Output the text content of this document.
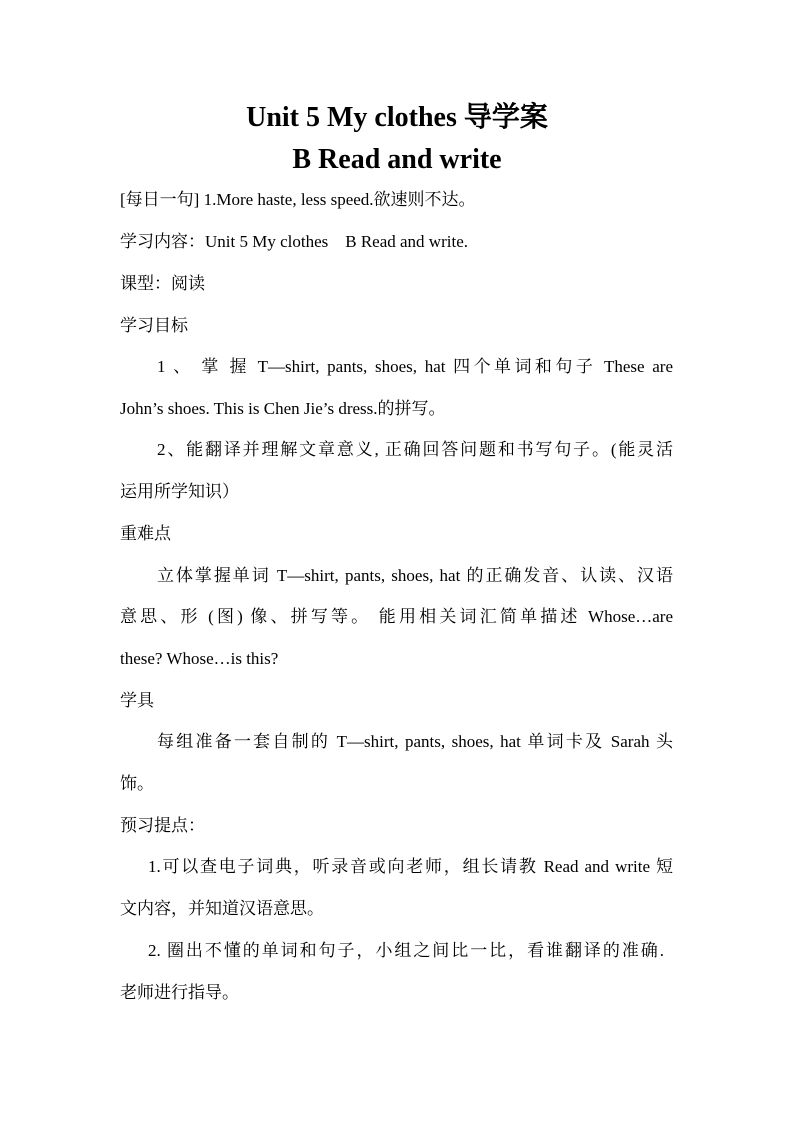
Unit 5 My clothes 导学案
B Read and write
[每日一句] 1.More haste, less speed.欲速则不达。
学习内容：Unit 5 My clothes　B Read and write.
课型：阅读
学习目标
1 、 掌 握 T—shirt, pants, shoes, hat 四个单词和句子 These are
John’s shoes. This is Chen Jie’s dress.的拼写。
2、能翻译并理解文章意义, 正确回答问题和书写句子。(能灵活
运用所学知识）
重难点
立体掌握单词 T—shirt, pants, shoes, hat 的正确发音、认读、汉语
意思、形 (图) 像、拼写等。 能用相关词汇简单描述 Whose…are
these? Whose…is this?
学具
每组准备一套自制的 T—shirt, pants, shoes, hat 单词卡及 Sarah 头
饰。
预习提点：
1.可以查电子词典，听录音或向老师，组长请教 Read and write 短
文内容，并知道汉语意思。
2. 圈出不懂的单词和句子，小组之间比一比，看谁翻译的准确.
老师进行指导。
